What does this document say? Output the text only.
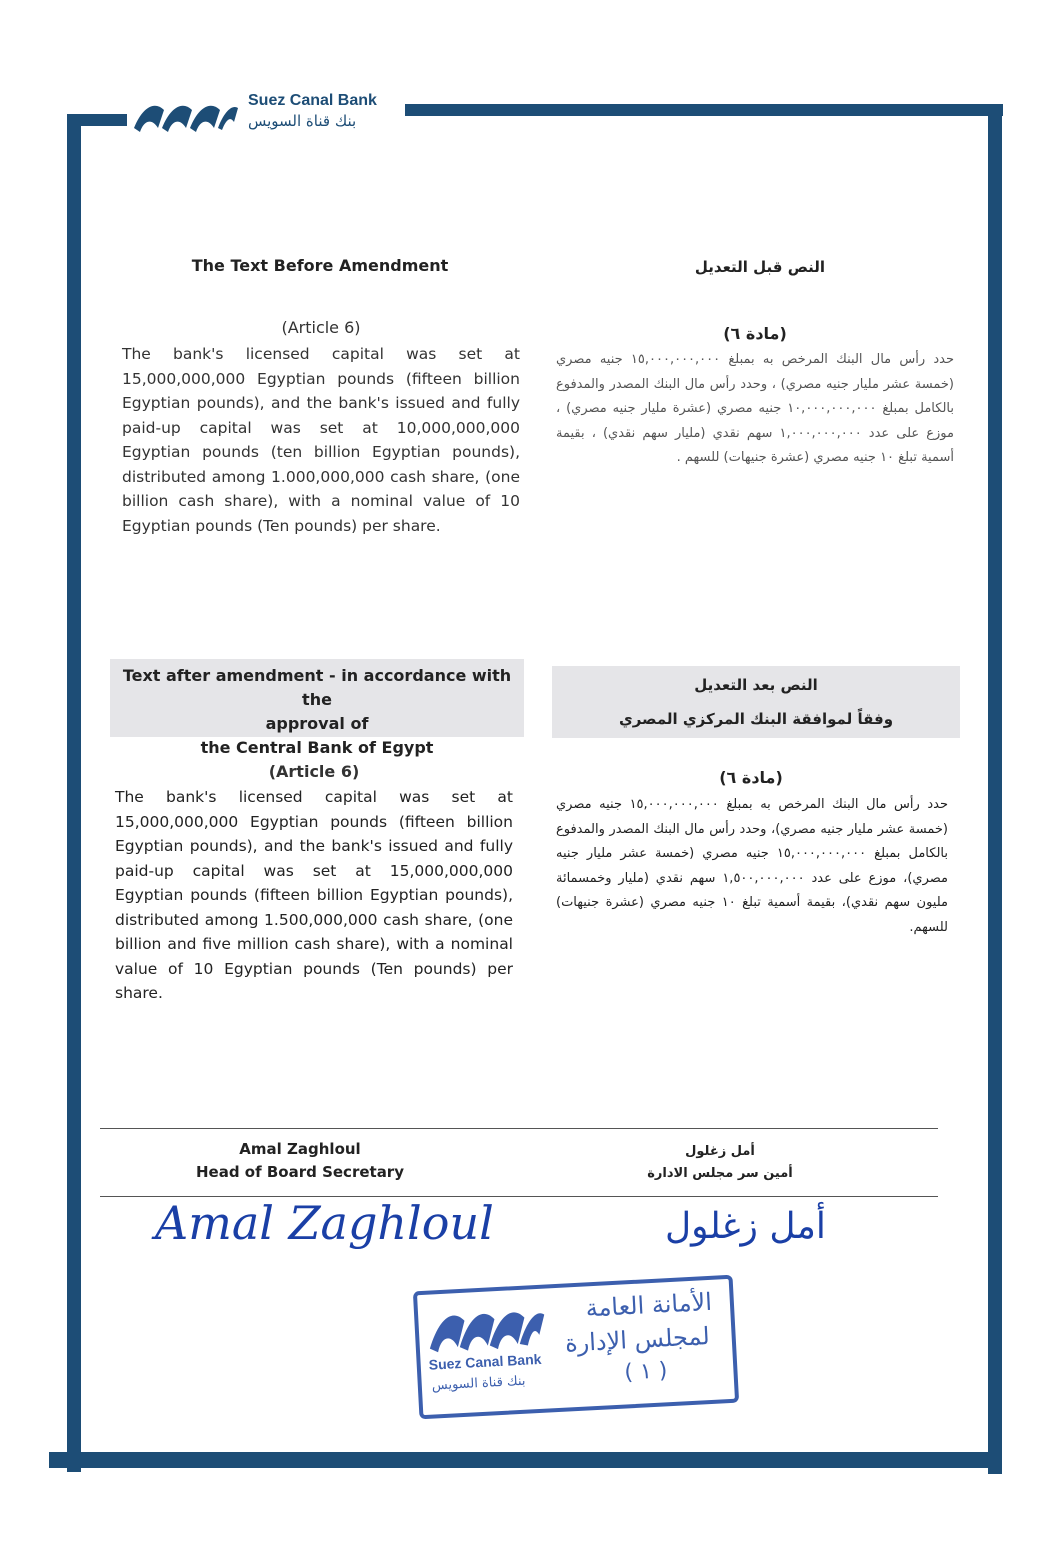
Suez Canal Bank
بنك قناة السويس
The Text Before Amendment	النص قبل التعديل
(Article 6)	(مادة ٦)
The bank's licensed capital was set at 15,000,000,000 Egyptian pounds (fifteen billion Egyptian pounds), and the bank's issued and fully paid-up capital was set at 10,000,000,000 Egyptian pounds (ten billion Egyptian pounds), distributed among 1.000,000,000 cash share, (one billion cash share), with a nominal value of 10 Egyptian pounds (Ten pounds) per share.
حدد رأس مال البنك المرخص به بمبلغ ١٥,٠٠٠,٠٠٠,٠٠٠ جنيه مصري (خمسة عشر مليار جنيه مصري) ، وحدد رأس مال البنك المصدر والمدفوع بالكامل بمبلغ ١٠,٠٠٠,٠٠٠,٠٠٠ جنيه مصري (عشرة مليار جنيه مصري) ، موزع على عدد ١,٠٠٠,٠٠٠,٠٠٠ سهم نقدي (مليار سهم نقدي) ، بقيمة أسمية تبلغ ١٠ جنيه مصري (عشرة جنيهات) للسهم .
Text after amendment - in accordance with the
approval of
the Central Bank of Egypt
النص بعد التعديل
وفقاً لموافقة البنك المركزي المصري
(Article 6)	(مادة ٦)
The bank's licensed capital was set at 15,000,000,000 Egyptian pounds (fifteen billion Egyptian pounds), and the bank's issued and fully paid-up capital was set at 15,000,000,000 Egyptian pounds (fifteen billion Egyptian pounds), distributed among 1.500,000,000 cash share, (one billion and five million cash share), with a nominal value of 10 Egyptian pounds (Ten pounds) per share.
حدد رأس مال البنك المرخص به بمبلغ ١٥,٠٠٠,٠٠٠,٠٠٠ جنيه مصري (خمسة عشر مليار جنيه مصري)، وحدد رأس مال البنك المصدر والمدفوع بالكامل بمبلغ ١٥,٠٠٠,٠٠٠,٠٠٠ جنيه مصري (خمسة عشر مليار جنيه مصري)، موزع على عدد ١,٥٠٠,٠٠٠,٠٠٠ سهم نقدي (مليار وخمسمائة مليون سهم نقدي)، بقيمة أسمية تبلغ ١٠ جنيه مصري (عشرة جنيهات) للسهم.
Amal Zaghloul
Head of Board Secretary
أمل زغلول
أمين سر مجلس الادارة
Amal Zaghloul	أمل زغلول
الأمانة العامة
لمجلس الإدارة
( ١ )
Suez Canal Bank
بنك قناة السويس
